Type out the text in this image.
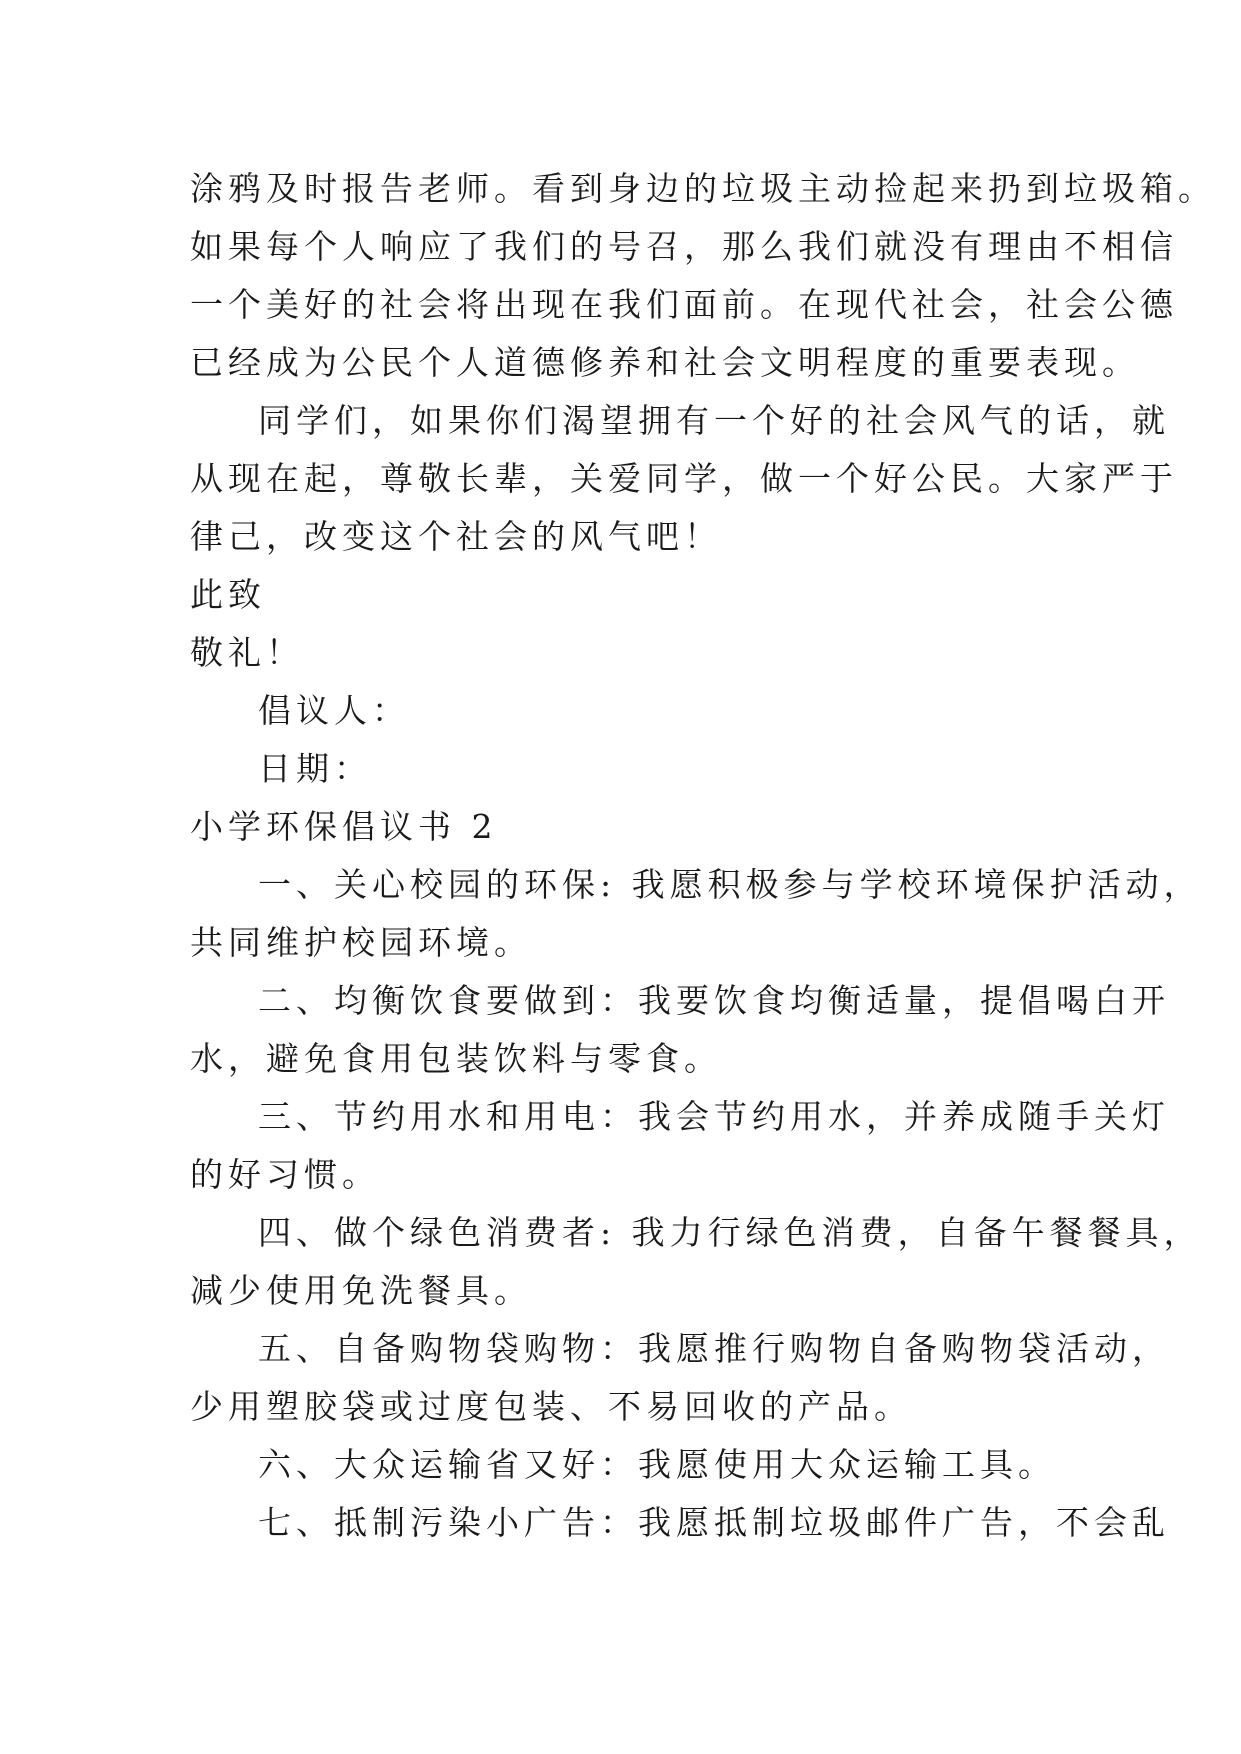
涂鸦及时报告老师。看到身边的垃圾主动捡起来扔到垃圾箱。
如果每个人响应了我们的号召，那么我们就没有理由不相信
一个美好的社会将出现在我们面前。在现代社会，社会公德
已经成为公民个人道德修养和社会文明程度的重要表现。
同学们，如果你们渴望拥有一个好的社会风气的话，就
从现在起，尊敬长辈，关爱同学，做一个好公民。大家严于
律己，改变这个社会的风气吧！
此致
敬礼！
倡议人：
日期：
小学环保倡议书 2
一、关心校园的环保: 我愿积极参与学校环境保护活动，
共同维护校园环境。
二、均衡饮食要做到：我要饮食均衡适量，提倡喝白开
水，避免食用包装饮料与零食。
三、节约用水和用电：我会节约用水，并养成随手关灯
的好习惯。
四、做个绿色消费者: 我力行绿色消费，自备午餐餐具，
减少使用免洗餐具。
五、自备购物袋购物：我愿推行购物自备购物袋活动，
少用塑胶袋或过度包装、不易回收的产品。
六、大众运输省又好：我愿使用大众运输工具。
七、抵制污染小广告：我愿抵制垃圾邮件广告，不会乱
